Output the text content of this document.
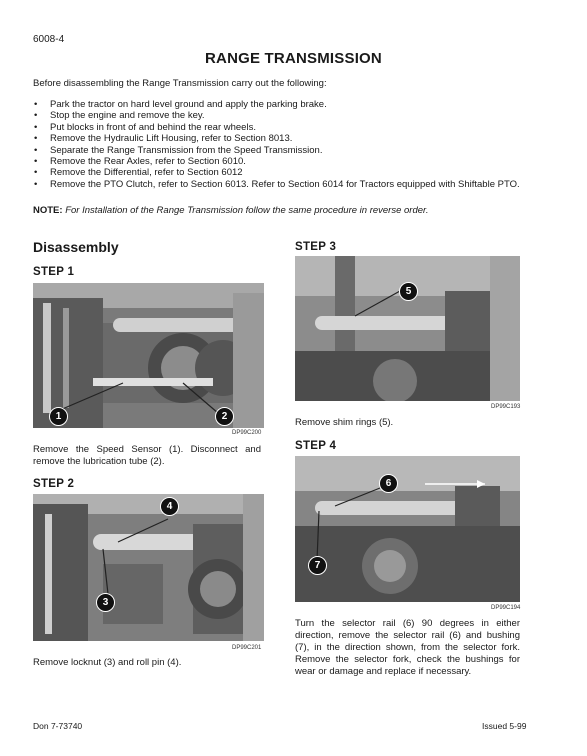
6008-4
RANGE TRANSMISSION
Before disassembling the Range Transmission carry out the following:
• Park the tractor on hard level ground and apply the parking brake.
• Stop the engine and remove the key.
• Put blocks in front of and behind the rear wheels.
• Remove the Hydraulic Lift Housing, refer to Section 8013.
• Separate the Range Transmission from the Speed Transmission.
• Remove the Rear Axles, refer to Section 6010.
• Remove the Differential, refer to Section 6012
• Remove the PTO Clutch, refer to Section 6013. Refer to Section 6014 for Tractors equipped with Shiftable PTO.
NOTE: For Installation of the Range Transmission follow the same procedure in reverse order.
Disassembly
STEP 1
1	2
DP99C200
Remove the Speed Sensor (1). Disconnect and remove the lubrication tube (2).
STEP 2
4
3
DP99C201
Remove locknut (3) and roll pin (4).
STEP 3
5
DP99C193
Remove shim rings (5).
STEP 4
6
7
DP99C194
Turn the selector rail (6) 90 degrees in either direction, remove the selector rail (6) and bushing (7), in the direction shown, from the selector fork. Remove the selector fork, check the bushings for wear or damage and replace if necessary.
Don 7-73740	Issued 5-99
